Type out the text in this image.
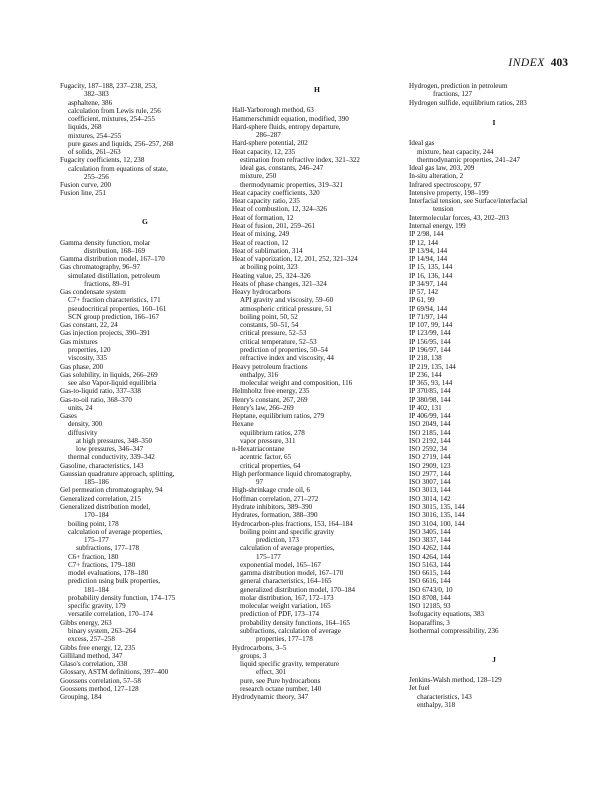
INDEX 403
Fugacity, 187–188, 237–238, 253,
382–383
asphaltene, 386
calculation from Lewis rule, 256
coefficient, mixtures, 254–255
liquids, 268
mixtures, 254–255
pure gases and liquids, 256–257, 268
of solids, 261–263
Fugacity coefficients, 12, 238
calculation from equations of state,
255–256
Fusion curve, 200
Fusion line, 251
G
Gamma density function, molar
distribution, 168–169
Gamma distribution model, 167–170
Gas chromatography, 96–97
simulated distillation, petroleum
fractions, 89–91
Gas condensate system
C7+ fraction characteristics, 171
pseudocritical properties, 160–161
SCN group prediction, 166–167
Gas constant, 22, 24
Gas injection projects, 390–391
Gas mixtures
properties, 120
viscosity, 335
Gas phase, 200
Gas solubility, in liquids, 266–269
see also Vapor-liquid equilibria
Gas-to-liquid ratio, 337–338
Gas-to-oil ratio, 368–370
units, 24
Gases
density, 300
diffusivity
at high pressures, 348–350
low pressures, 346–347
thermal conductivity, 339–342
Gasoline, characteristics, 143
Gaussian quadrature approach, splitting,
185–186
Gel permeation chromatography, 94
Generalized correlation, 215
Generalized distribution model,
170–184
boiling point, 178
calculation of average properties,
175–177
subfractions, 177–178
C6+ fraction, 180
C7+ fractions, 179–180
model evaluations, 178–180
prediction using bulk properties,
181–184
probability density function, 174–175
specific gravity, 179
versatile correlation, 170–174
Gibbs energy, 263
binary system, 263–264
excess, 257–258
Gibbs free energy, 12, 235
Gilliland method, 347
Glaso's correlation, 338
Glossary, ASTM definitions, 397–400
Goossens correlation, 57–58
Goossens method, 127–128
Grouping, 184
H
Hall-Yarborough method, 63
Hammerschmidt equation, modified, 390
Hard-sphere fluids, entropy departure,
286–287
Hard-sphere potential, 202
Heat capacity, 12, 235
estimation from refractive index, 321–322
ideal gas, constants, 246–247
mixture, 250
thermodynamic properties, 319–321
Heat capacity coefficients, 320
Heat capacity ratio, 235
Heat of combustion, 12, 324–326
Heat of formation, 12
Heat of fusion, 201, 259–261
Heat of mixing, 249
Heat of reaction, 12
Heat of sublimation, 314
Heat of vaporization, 12, 201, 252, 321–324
at boiling point, 323
Heating value, 25, 324–326
Heats of phase changes, 321–324
Heavy hydrocarbons
API gravity and viscosity, 59–60
atmospheric critical pressure, 51
boiling point, 50, 52
constants, 50–51, 54
critical pressure, 52–53
critical temperature, 52–53
prediction of properties, 50–54
refractive index and viscosity, 44
Heavy petroleum fractions
enthalpy, 316
molecular weight and composition, 116
Helmholtz free energy, 235
Henry's constant, 267, 269
Henry's law, 266–269
Heptane, equilibrium ratios, 279
Hexane
equilibrium ratios, 278
vapor pressure, 311
n-Hexatriacontane
acentric factor, 65
critical properties, 64
High performance liquid chromatography,
97
High-shrinkage crude oil, 6
Hoffman correlation, 271–272
Hydrate inhibitors, 389–390
Hydrates, formation, 388–390
Hydrocarbon-plus fractions, 153, 164–184
boiling point and specific gravity
prediction, 173
calculation of average properties,
175–177
exponential model, 165–167
gamma distribution model, 167–170
general characteristics, 164–165
generalized distribution model, 170–184
molar distribution, 167, 172–173
molecular weight variation, 165
prediction of PDF, 173–174
probability density functions, 164–165
subfractions, calculation of average
properties, 177–178
Hydrocarbons, 3–5
groups, 3
liquid specific gravity, temperature
effect, 301
pure, see Pure hydrocarbons
research octane number, 140
Hydrodynamic theory, 347
Hydrogen, prediction in petroleum
fractions, 127
Hydrogen sulfide, equilibrium ratios, 283
I
Ideal gas
mixture, heat capacity, 244
thermodynamic properties, 241–247
Ideal gas law, 203, 209
In-situ alteration, 2
Infrared spectroscopy, 97
Intensive property, 198–199
Interfacial tension, see Surface/interfacial
tension
Intermolecular forces, 43, 202–203
Internal energy, 199
IP 2/98, 144
IP 12, 144
IP 13/94, 144
IP 14/94, 144
IP 15, 135, 144
IP 16, 136, 144
IP 34/97, 144
IP 57, 142
IP 61, 99
IP 69/94, 144
IP 71/97, 144
IP 107, 99, 144
IP 123/99, 144
IP 156/95, 144
IP 196/97, 144
IP 218, 138
IP 219, 135, 144
IP 236, 144
IP 365, 93, 144
IP 370/85, 144
IP 380/98, 144
IP 402, 131
IP 406/99, 144
ISO 2049, 144
ISO 2185, 144
ISO 2192, 144
ISO 2592, 34
ISO 2719, 144
ISO 2909, 123
ISO 2977, 144
ISO 3007, 144
ISO 3013, 144
ISO 3014, 142
ISO 3015, 135, 144
ISO 3016, 135, 144
ISO 3104, 100, 144
ISO 3405, 144
ISO 3837, 144
ISO 4262, 144
ISO 4264, 144
ISO 5163, 144
ISO 6615, 144
ISO 6616, 144
ISO 6743/0, 10
ISO 8708, 144
ISO 12185, 93
Isofugacity equations, 383
Isoparaffins, 3
Isothermal compressibility, 236
J
Jenkins-Walsh method, 128–129
Jet fuel
characteristics, 143
enthalpy, 318
